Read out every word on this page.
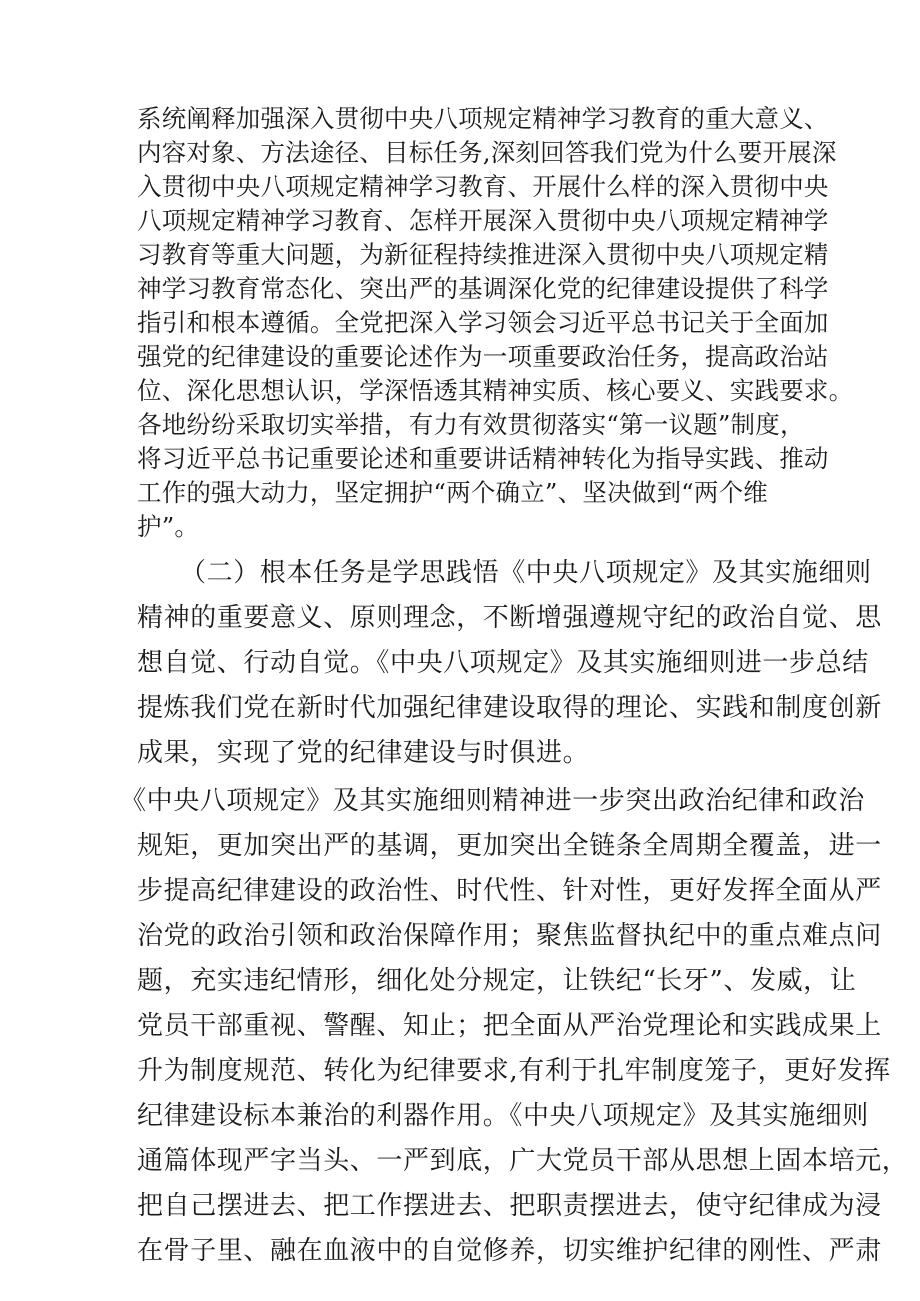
系统阐释加强深入贯彻中央八项规定精神学习教育的重大意义、

内容对象、方法途径、目标任务,深刻回答我们党为什么要开展深

入贯彻中央八项规定精神学习教育、开展什么样的深入贯彻中央

八项规定精神学习教育、怎样开展深入贯彻中央八项规定精神学

习教育等重大问题，为新征程持续推进深入贯彻中央八项规定精

神学习教育常态化、突出严的基调深化党的纪律建设提供了科学

指引和根本遵循。全党把深入学习领会习近平总书记关于全面加

强党的纪律建设的重要论述作为一项重要政治任务，提高政治站

位、深化思想认识，学深悟透其精神实质、核心要义、实践要求。

各地纷纷采取切实举措，有力有效贯彻落实“第一议题”制度，

将习近平总书记重要论述和重要讲话精神转化为指导实践、推动

工作的强大动力，坚定拥护“两个确立”、坚决做到“两个维

护”。

（二）根本任务是学思践悟《中央八项规定》及其实施细则

精神的重要意义、原则理念，不断增强遵规守纪的政治自觉、思

想自觉、行动自觉。《中央八项规定》及其实施细则进一步总结

提炼我们党在新时代加强纪律建设取得的理论、实践和制度创新

成果，实现了党的纪律建设与时俱进。

《中央八项规定》及其实施细则精神进一步突出政治纪律和政治

规矩，更加突出严的基调，更加突出全链条全周期全覆盖，进一

步提高纪律建设的政治性、时代性、针对性，更好发挥全面从严

治党的政治引领和政治保障作用；聚焦监督执纪中的重点难点问

题，充实违纪情形，细化处分规定，让铁纪“长牙”、发威，让

党员干部重视、警醒、知止；把全面从严治党理论和实践成果上

升为制度规范、转化为纪律要求,有利于扎牢制度笼子，更好发挥

纪律建设标本兼治的利器作用。《中央八项规定》及其实施细则

通篇体现严字当头、一严到底，广大党员干部从思想上固本培元，

把自己摆进去、把工作摆进去、把职责摆进去，使守纪律成为浸

在骨子里、融在血液中的自觉修养，切实维护纪律的刚性、严肃
